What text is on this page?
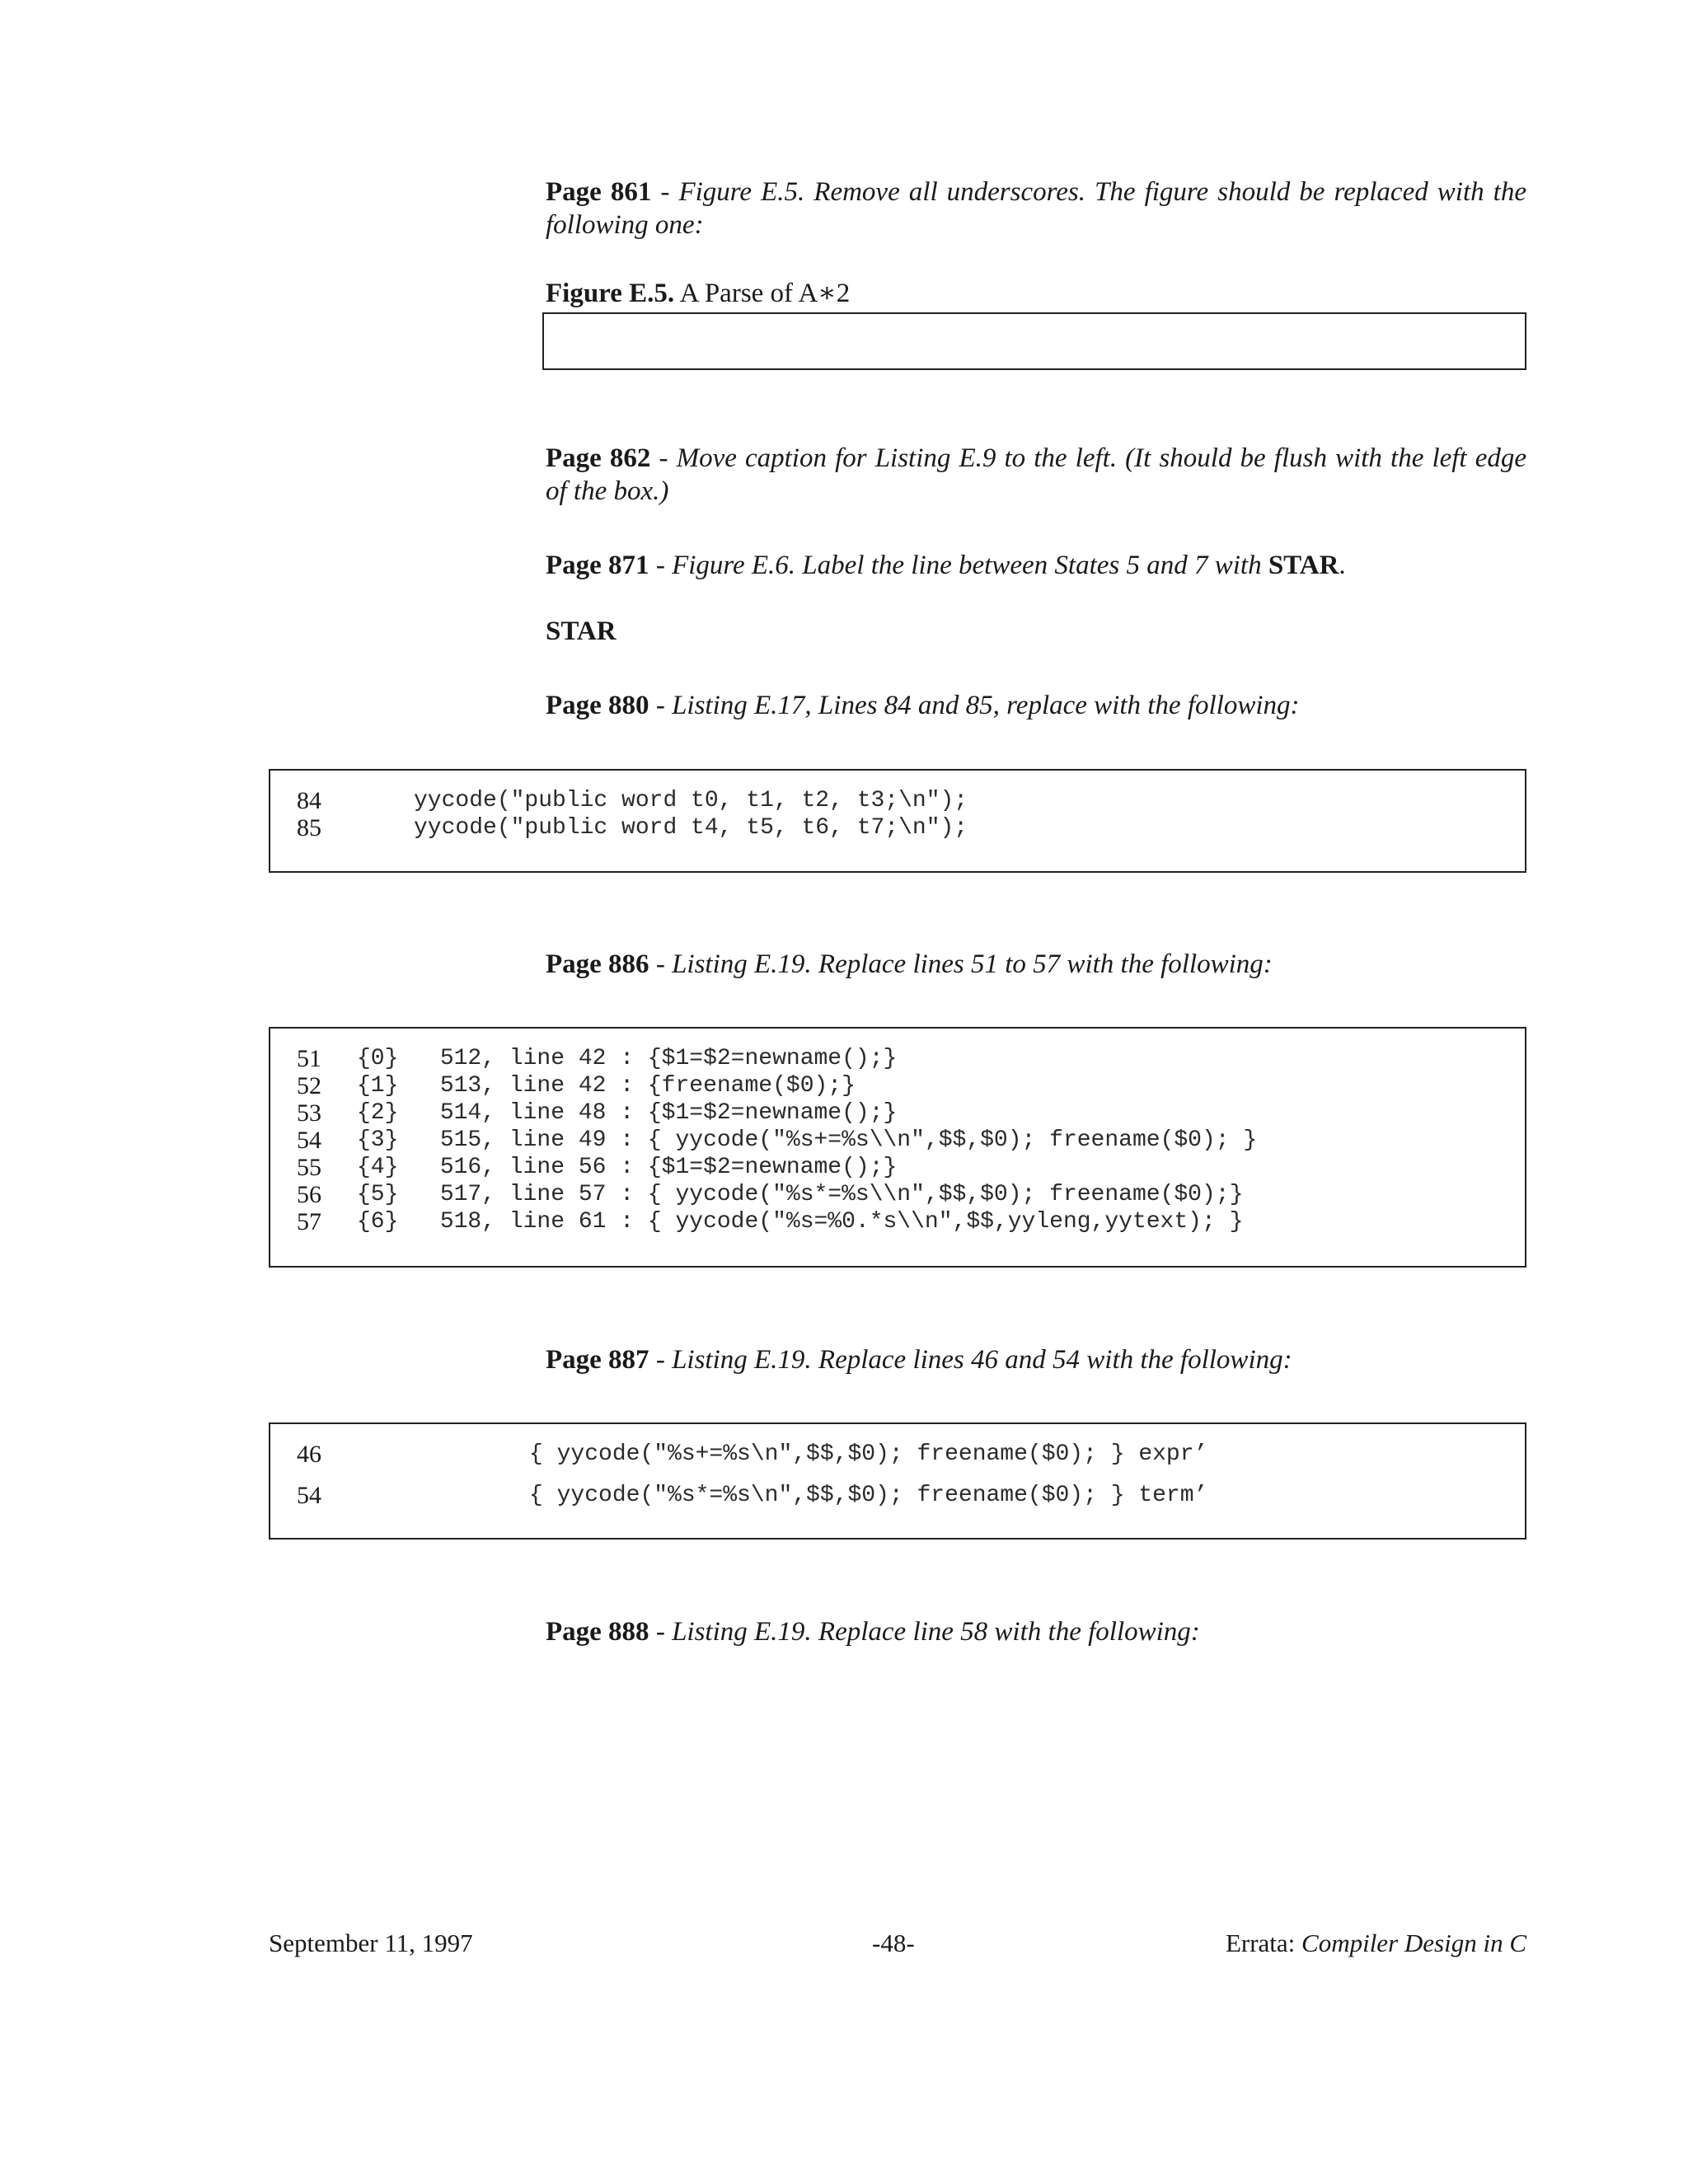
Page 861 - Figure E.5. Remove all underscores. The figure should be replaced with the following one:
Figure E.5. A Parse of A∗2
Page 862 - Move caption for Listing E.9 to the left. (It should be flush with the left edge of the box.)
Page 871 - Figure E.6. Label the line between States 5 and 7 with STAR.
STAR
Page 880 - Listing E.17, Lines 84 and 85, replace with the following:
84	yycode("public word t0, t1, t2, t3;\n");
85	yycode("public word t4, t5, t6, t7;\n");
Page 886 - Listing E.19. Replace lines 51 to 57 with the following:
51 {0}   512, line 42 : {$1=$2=newname();}
52 {1}   513, line 42 : {freename($0);}
53 {2}   514, line 48 : {$1=$2=newname();}
54 {3}   515, line 49 : { yycode("%s+=%s\\n",$$,$0); freename($0); }
55 {4}   516, line 56 : {$1=$2=newname();}
56 {5}   517, line 57 : { yycode("%s*=%s\\n",$$,$0); freename($0);}
57 {6}   518, line 61 : { yycode("%s=%0.*s\\n",$$,yyleng,yytext); }
Page 887 - Listing E.19. Replace lines 46 and 54 with the following:
46	{ yycode("%s+=%s\n",$$,$0); freename($0); } expr’
54	{ yycode("%s*=%s\n",$$,$0); freename($0); } term’
Page 888 - Listing E.19. Replace line 58 with the following:
September 11, 1997	-48-	Errata: Compiler Design in C
